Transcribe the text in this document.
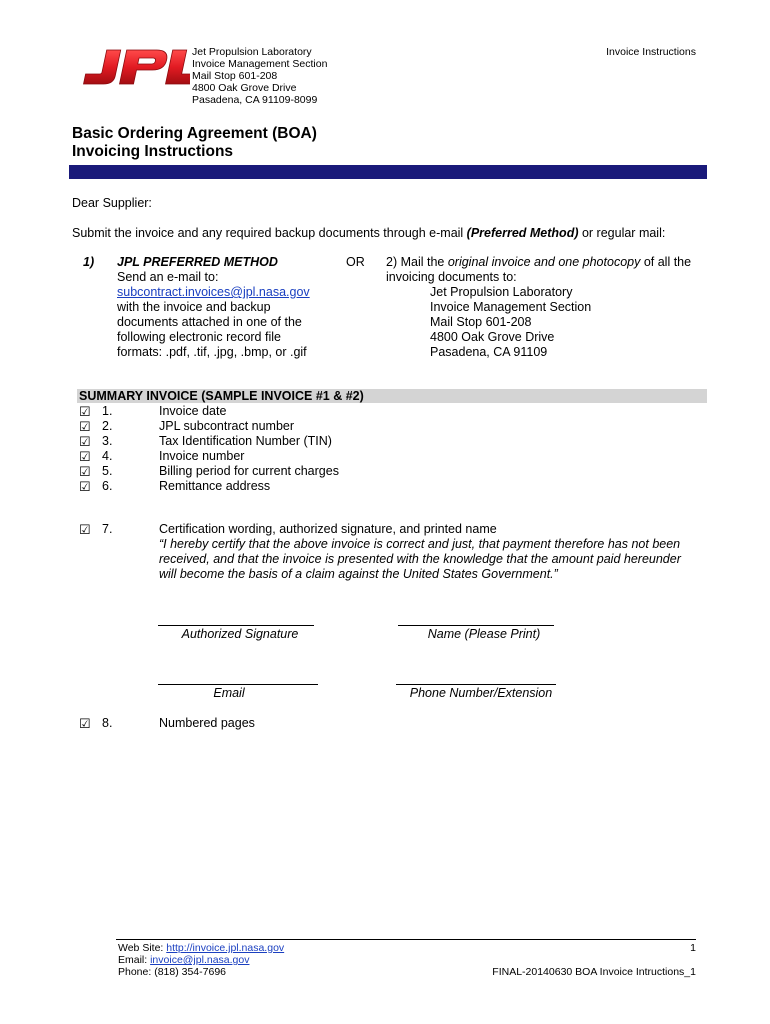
Jet Propulsion Laboratory
Invoice Management Section
Mail Stop 601-208
4800 Oak Grove Drive
Pasadena, CA 91109-8099
Invoice Instructions
Basic Ordering Agreement (BOA)
Invoicing Instructions
Dear Supplier:
Submit the invoice and any required backup documents through e-mail (Preferred Method) or regular mail:
1) JPL PREFERRED METHOD
Send an e-mail to:
subcontract.invoices@jpl.nasa.gov
with the invoice and backup
documents attached in one of the
following electronic record file
formats: .pdf, .tif, .jpg, .bmp, or .gif
OR 2) Mail the original invoice and one photocopy of all the
invoicing documents to:
Jet Propulsion Laboratory
Invoice Management Section
Mail Stop 601-208
4800 Oak Grove Drive
Pasadena, CA 91109
SUMMARY INVOICE (SAMPLE INVOICE #1 & #2)
☑ 1.	Invoice date
☑ 2.	JPL subcontract number
☑ 3.	Tax Identification Number (TIN)
☑ 4.	Invoice number
☑ 5.	Billing period for current charges
☑ 6.	Remittance address
☑ 7.	Certification wording, authorized signature, and printed name
“I hereby certify that the above invoice is correct and just, that payment therefore has not been
received, and that the invoice is presented with the knowledge that the amount paid hereunder
will become the basis of a claim against the United States Government.”
Authorized Signature	Name (Please Print)
Email	Phone Number/Extension
☑ 8.	Numbered pages
Web Site: http://invoice.jpl.nasa.gov
Email: invoice@jpl.nasa.gov
Phone: (818) 354-7696
1
FINAL-20140630 BOA Invoice Intructions_1
